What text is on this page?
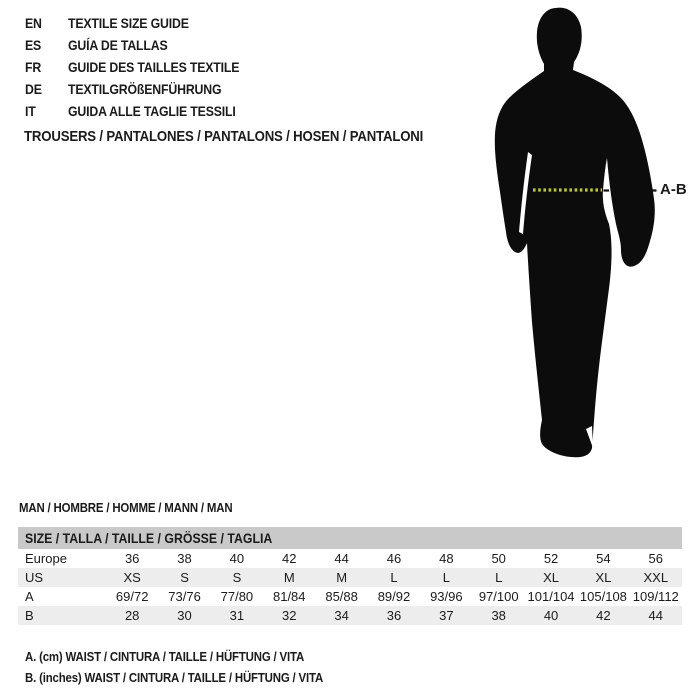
EN	TEXTILE SIZE GUIDE
ES	GUÍA DE TALLAS
FR	GUIDE DES TAILLES TEXTILE
DE	TEXTILGRÖßENFÜHRUNG
IT	GUIDA ALLE TAGLIE TESSILI
TROUSERS / PANTALONES / PANTALONS / HOSEN / PANTALONI
A-B
MAN / HOMBRE / HOMME / MANN / MAN
SIZE / TALLA / TAILLE / GRÖSSE / TAGLIA
Europe	36	38	40	42	44	46	48	50	52	54	56
US	XS	S	S	M	M	L	L	L	XL	XL	XXL
A	69/72	73/76	77/80	81/84	85/88	89/92	93/96	97/100 101/104 105/108 109/112
B	28	30	31	32	34	36	37	38	40	42	44
A. (cm) WAIST / CINTURA / TAILLE / HÜFTUNG / VITA
B. (inches) WAIST / CINTURA / TAILLE / HÜFTUNG / VITA
